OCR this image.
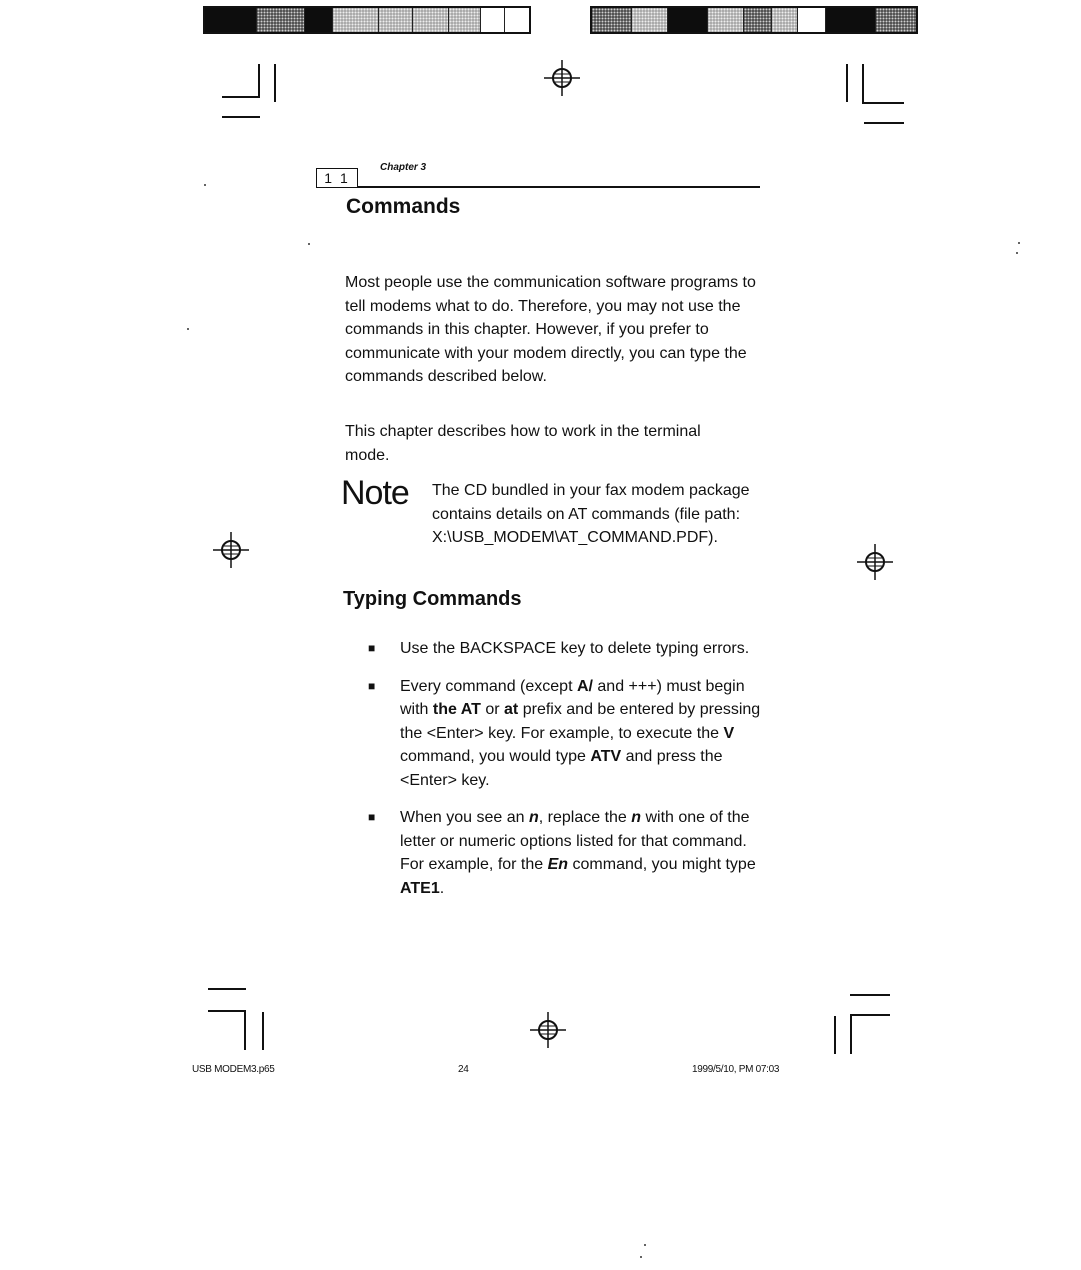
1 1
Chapter 3
Commands
Most people use the communication software programs to tell modems what to do. Therefore, you may not use the commands in this chapter. However, if you prefer to communicate with your modem directly, you can type the commands described below.
This chapter describes how to work in the terminal mode.
Note The CD bundled in your fax modem package contains details on AT commands (file path: X:\USB_MODEM\AT_COMMAND.PDF).
Typing Commands
■ Use the BACKSPACE key to delete typing errors.
■ Every command (except A/ and +++) must begin with the AT or at prefix and be entered by pressing the <Enter> key. For example, to execute the V command, you would type ATV and press the <Enter> key.
■ When you see an n, replace the n with one of the letter or numeric options listed for that command. For example, for the En command, you might type ATE1.
USB MODEM3.p65	24	1999/5/10, PM 07:03
